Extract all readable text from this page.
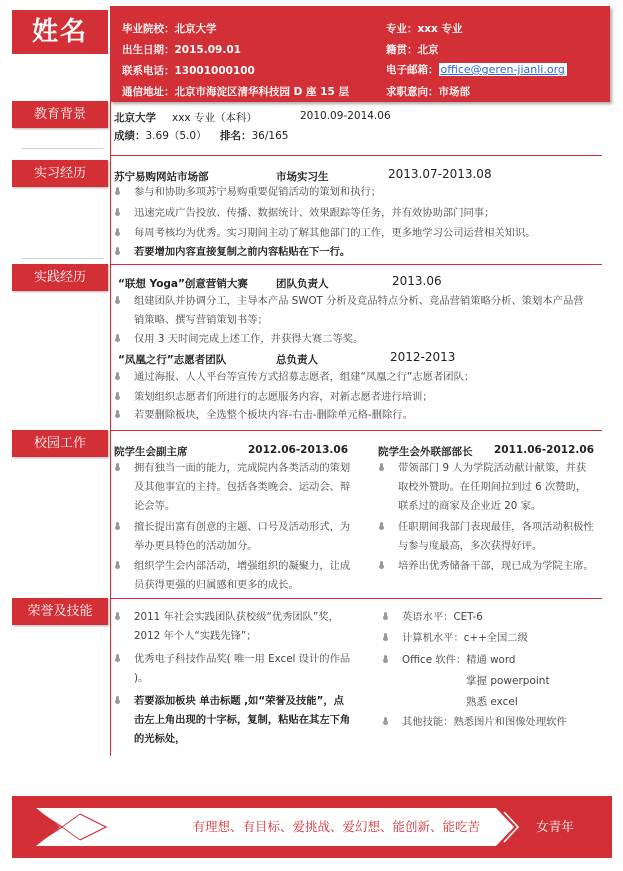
姓名	毕业院校：北京大学	专业：xxx 专业
出生日期：2015.09.01	籍贯：北京
联系电话：13001000100	电子邮箱： office@geren-jianli.org
通信地址：北京市海淀区清华科技园 D 座 15 层	求职意向：市场部
教育背景	北京大学 xxx 专业（本科）	2010.09-2014.06
成绩：3.69（5.0） 排名：36/165
实习经历	苏宁易购网站市场部	市场实习生	2013.07-2013.08
参与和协助多项苏宁易购重要促销活动的策划和执行；
迅速完成广告投放、传播、数据统计、效果跟踪等任务，并有效协助部门同事；
每周考核均为优秀。实习期间主动了解其他部门的工作，更多地学习公司运营相关知识。
若要增加内容直接复制之前内容粘贴在下一行。
实践经历	“联想 Yoga”创意营销大赛	团队负责人	2013.06
组建团队并协调分工，主导本产品 SWOT 分析及竞品特点分析、竞品营销策略分析、策划本产品营
销策略、撰写营销策划书等；
仅用 3 天时间完成上述工作，并获得大赛二等奖。
“凤凰之行”志愿者团队	总负责人	2012-2013
通过海报、人人平台等宣传方式招募志愿者，组建“凤凰之行”志愿者团队；
策划组织志愿者们所进行的志愿服务内容，对新志愿者进行培训；
若要删除板块，全选整个板块内容-右击-删除单元格-删除行。
校园工作
院学生会副主席	2012.06-2013.06	院学生会外联部部长 2011.06-2012.06
拥有独当一面的能力，完成院内各类活动的策划及其他事宜的主持。包括各类晚会、运动会、辩论会等。
擅长提出富有创意的主题、口号及活动形式，为举办更具特色的活动加分。
组织学生会内部活动，增强组织的凝聚力，让成员获得更强的归属感和更多的成长。
带领部门 9 人为学院活动献计献策，并获取校外赞助。在任期间拉到过 6 次赞助，联系过的商家及企业近 20 家。
任职期间我部门表现最佳，各项活动积极性与参与度最高，多次获得好评。
培养出优秀储备干部，现已成为学院主席。
荣誉及技能	2011 年社会实践团队获校级“优秀团队”奖，2012 年个人“实践先锋”；
优秀电子科技作品奖( 唯一用 Excel 设计的作品 )。
若要添加板块 单击标题 ,如“荣誉及技能”，点击左上角出现的十字标，复制，粘贴在其左下角的光标处，
英语水平：CET-6
计算机水平：c++全国二级
Office 软件：精通 word
掌握 powerpoint
熟悉 excel
其他技能：熟悉图片和图像处理软件
有理想、有目标、爱挑战、爱幻想、能创新、能吃苦	女青年
